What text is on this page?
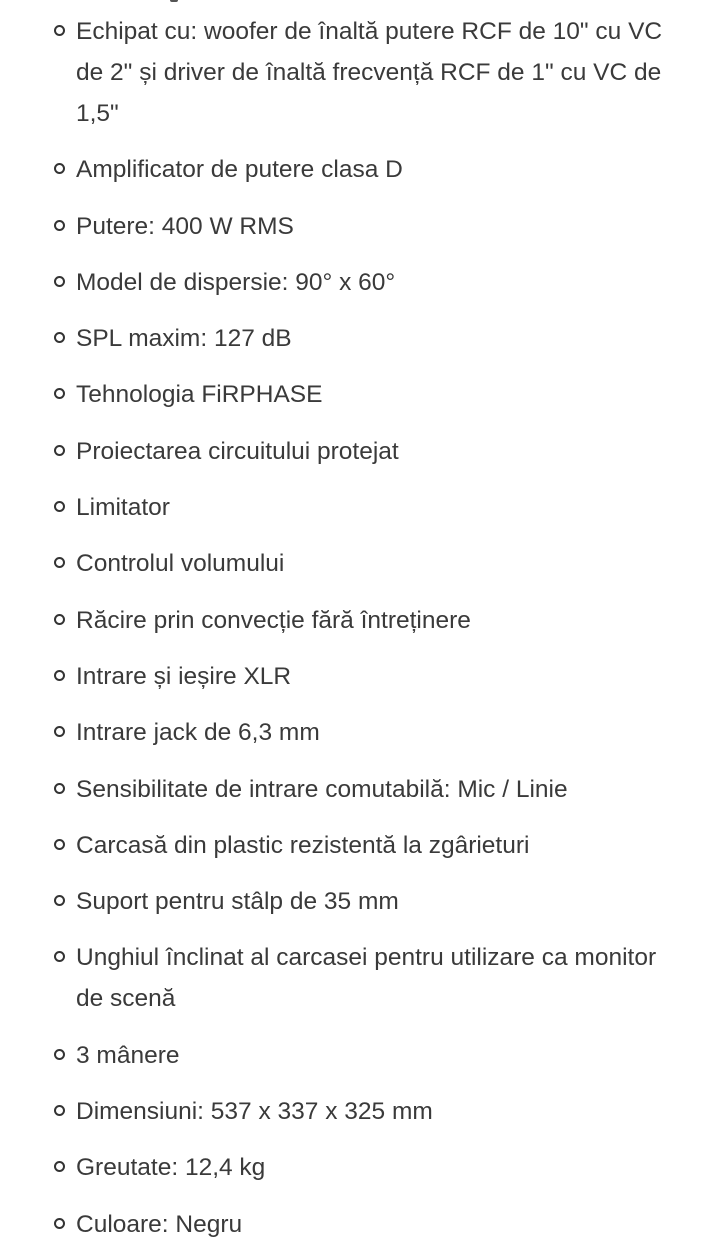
Echipat cu: woofer de înaltă putere RCF de 10" cu VC de 2" și driver de înaltă frecvență RCF de 1" cu VC de 1,5"
Amplificator de putere clasa D
Putere: 400 W RMS
Model de dispersie: 90° x 60°
SPL maxim: 127 dB
Tehnologia FiRPHASE
Proiectarea circuitului protejat
Limitator
Controlul volumului
Răcire prin convecție fără întreținere
Intrare și ieșire XLR
Intrare jack de 6,3 mm
Sensibilitate de intrare comutabilă: Mic / Linie
Carcasă din plastic rezistentă la zgârieturi
Suport pentru stâlp de 35 mm
Unghiul înclinat al carcasei pentru utilizare ca monitor de scenă
3 mânere
Dimensiuni: 537 x 337 x 325 mm
Greutate: 12,4 kg
Culoare: Negru
